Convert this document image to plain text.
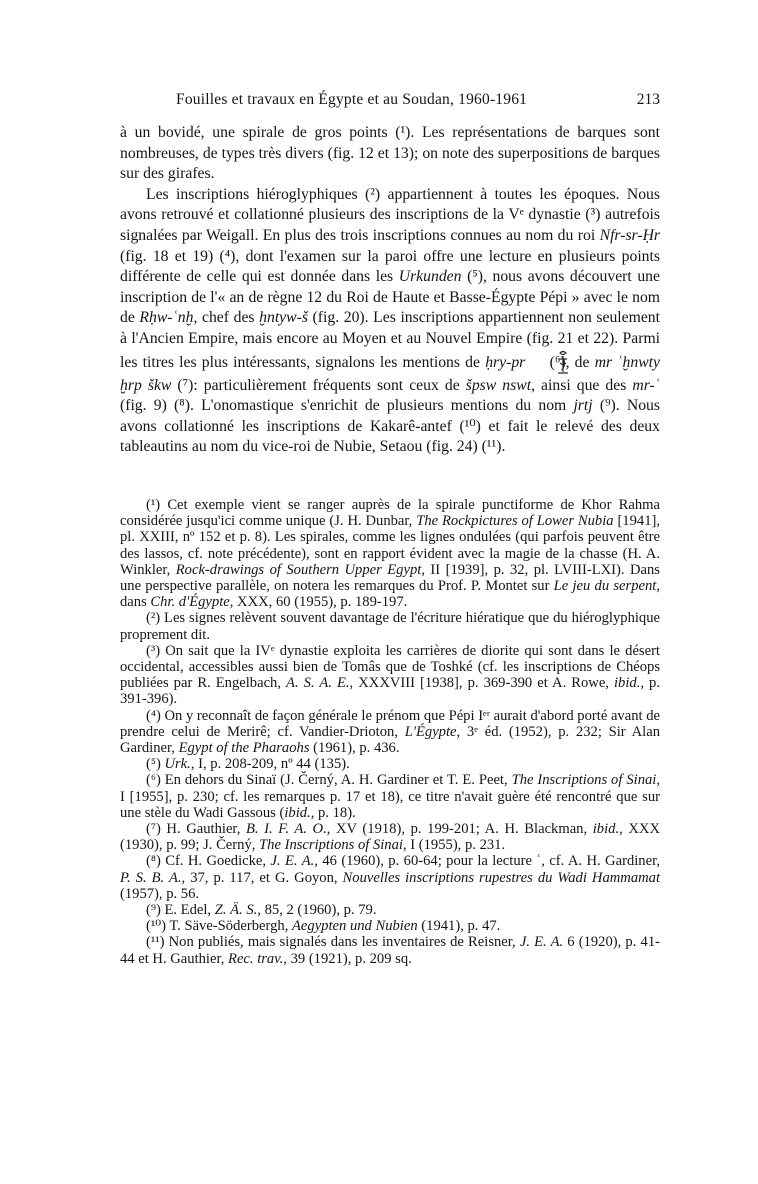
Fouilles et travaux en Égypte et au Soudan, 1960-1961	213

à un bovidé, une spirale de gros points (¹). Les représentations de barques sont nombreuses, de types très divers (fig. 12 et 13); on note des superpositions de barques sur des girafes.

Les inscriptions hiéroglyphiques (²) appartiennent à toutes les époques. Nous avons retrouvé et collationné plusieurs des inscriptions de la Vᵉ dynastie (³) autrefois signalées par Weigall. En plus des trois inscriptions connues au nom du roi Nfr-sr-Ḥr (fig. 18 et 19) (⁴), dont l'examen sur la paroi offre une lecture en plusieurs points différente de celle qui est donnée dans les Urkunden (⁵), nous avons découvert une inscription de l'« an de règne 12 du Roi de Haute et Basse-Égypte Pépi » avec le nom de Rḥw-ʿnḫ, chef des ḫntyw-š (fig. 20). Les inscriptions appartiennent non seulement à l'Ancien Empire, mais encore au Moyen et au Nouvel Empire (fig. 21 et 22). Parmi les titres les plus intéressants, signalons les mentions de ḥry-pr  (⁶), de mr ʿḫnwty ḫrp škw (⁷): particulièrement fréquents sont ceux de špsw nswt, ainsi que des mr-ʿ (fig. 9) (⁸). L'onomastique s'enrichit de plusieurs mentions du nom jrtj (⁹). Nous avons collationné les inscriptions de Kakarê-antef (¹⁰) et fait le relevé des deux tableautins au nom du vice-roi de Nubie, Setaou (fig. 24) (¹¹).

(¹) Cet exemple vient se ranger auprès de la spirale punctiforme de Khor Rahma considérée jusqu'ici comme unique (J. H. Dunbar, The Rockpictures of Lower Nubia [1941], pl. XXIII, nº 152 et p. 8). Les spirales, comme les lignes ondulées (qui parfois peuvent être des lassos, cf. note précédente), sont en rapport évident avec la magie de la chasse (H. A. Winkler, Rock-drawings of Southern Upper Egypt, II [1939], p. 32, pl. LVIII-LXI). Dans une perspective parallèle, on notera les remarques du Prof. P. Montet sur Le jeu du serpent, dans Chr. d'Égypte, XXX, 60 (1955), p. 189-197.

(²) Les signes relèvent souvent davantage de l'écriture hiératique que du hiéroglyphique proprement dit.

(³) On sait que la IVᵉ dynastie exploita les carrières de diorite qui sont dans le désert occidental, accessibles aussi bien de Tomâs que de Toshké (cf. les inscriptions de Chéops publiées par R. Engelbach, A. S. A. E., XXXVIII [1938], p. 369-390 et A. Rowe, ibid., p. 391-396).

(⁴) On y reconnaît de façon générale le prénom que Pépi Iᵉʳ aurait d'abord porté avant de prendre celui de Merirê; cf. Vandier-Drioton, L'Égypte, 3ᵉ éd. (1952), p. 232; Sir Alan Gardiner, Egypt of the Pharaohs (1961), p. 436.

(⁵) Urk., I, p. 208-209, nº 44 (135).

(⁶) En dehors du Sinaï (J. Černý, A. H. Gardiner et T. E. Peet, The Inscriptions of Sinai, I [1955], p. 230; cf. les remarques p. 17 et 18), ce titre n'avait guère été rencontré que sur une stèle du Wadi Gassous (ibid., p. 18).

(⁷) H. Gauthier, B. I. F. A. O., XV (1918), p. 199-201; A. H. Blackman, ibid., XXX (1930), p. 99; J. Černý, The Inscriptions of Sinai, I (1955), p. 231.

(⁸) Cf. H. Goedicke, J. E. A., 46 (1960), p. 60-64; pour la lecture ʿ, cf. A. H. Gardiner, P. S. B. A., 37, p. 117, et G. Goyon, Nouvelles inscriptions rupestres du Wadi Hammamat (1957), p. 56.

(⁹) E. Edel, Z. Ä. S., 85, 2 (1960), p. 79.

(¹⁰) T. Säve-Söderbergh, Aegypten und Nubien (1941), p. 47.

(¹¹) Non publiés, mais signalés dans les inventaires de Reisner, J. E. A. 6 (1920), p. 41-44 et H. Gauthier, Rec. trav., 39 (1921), p. 209 sq.
